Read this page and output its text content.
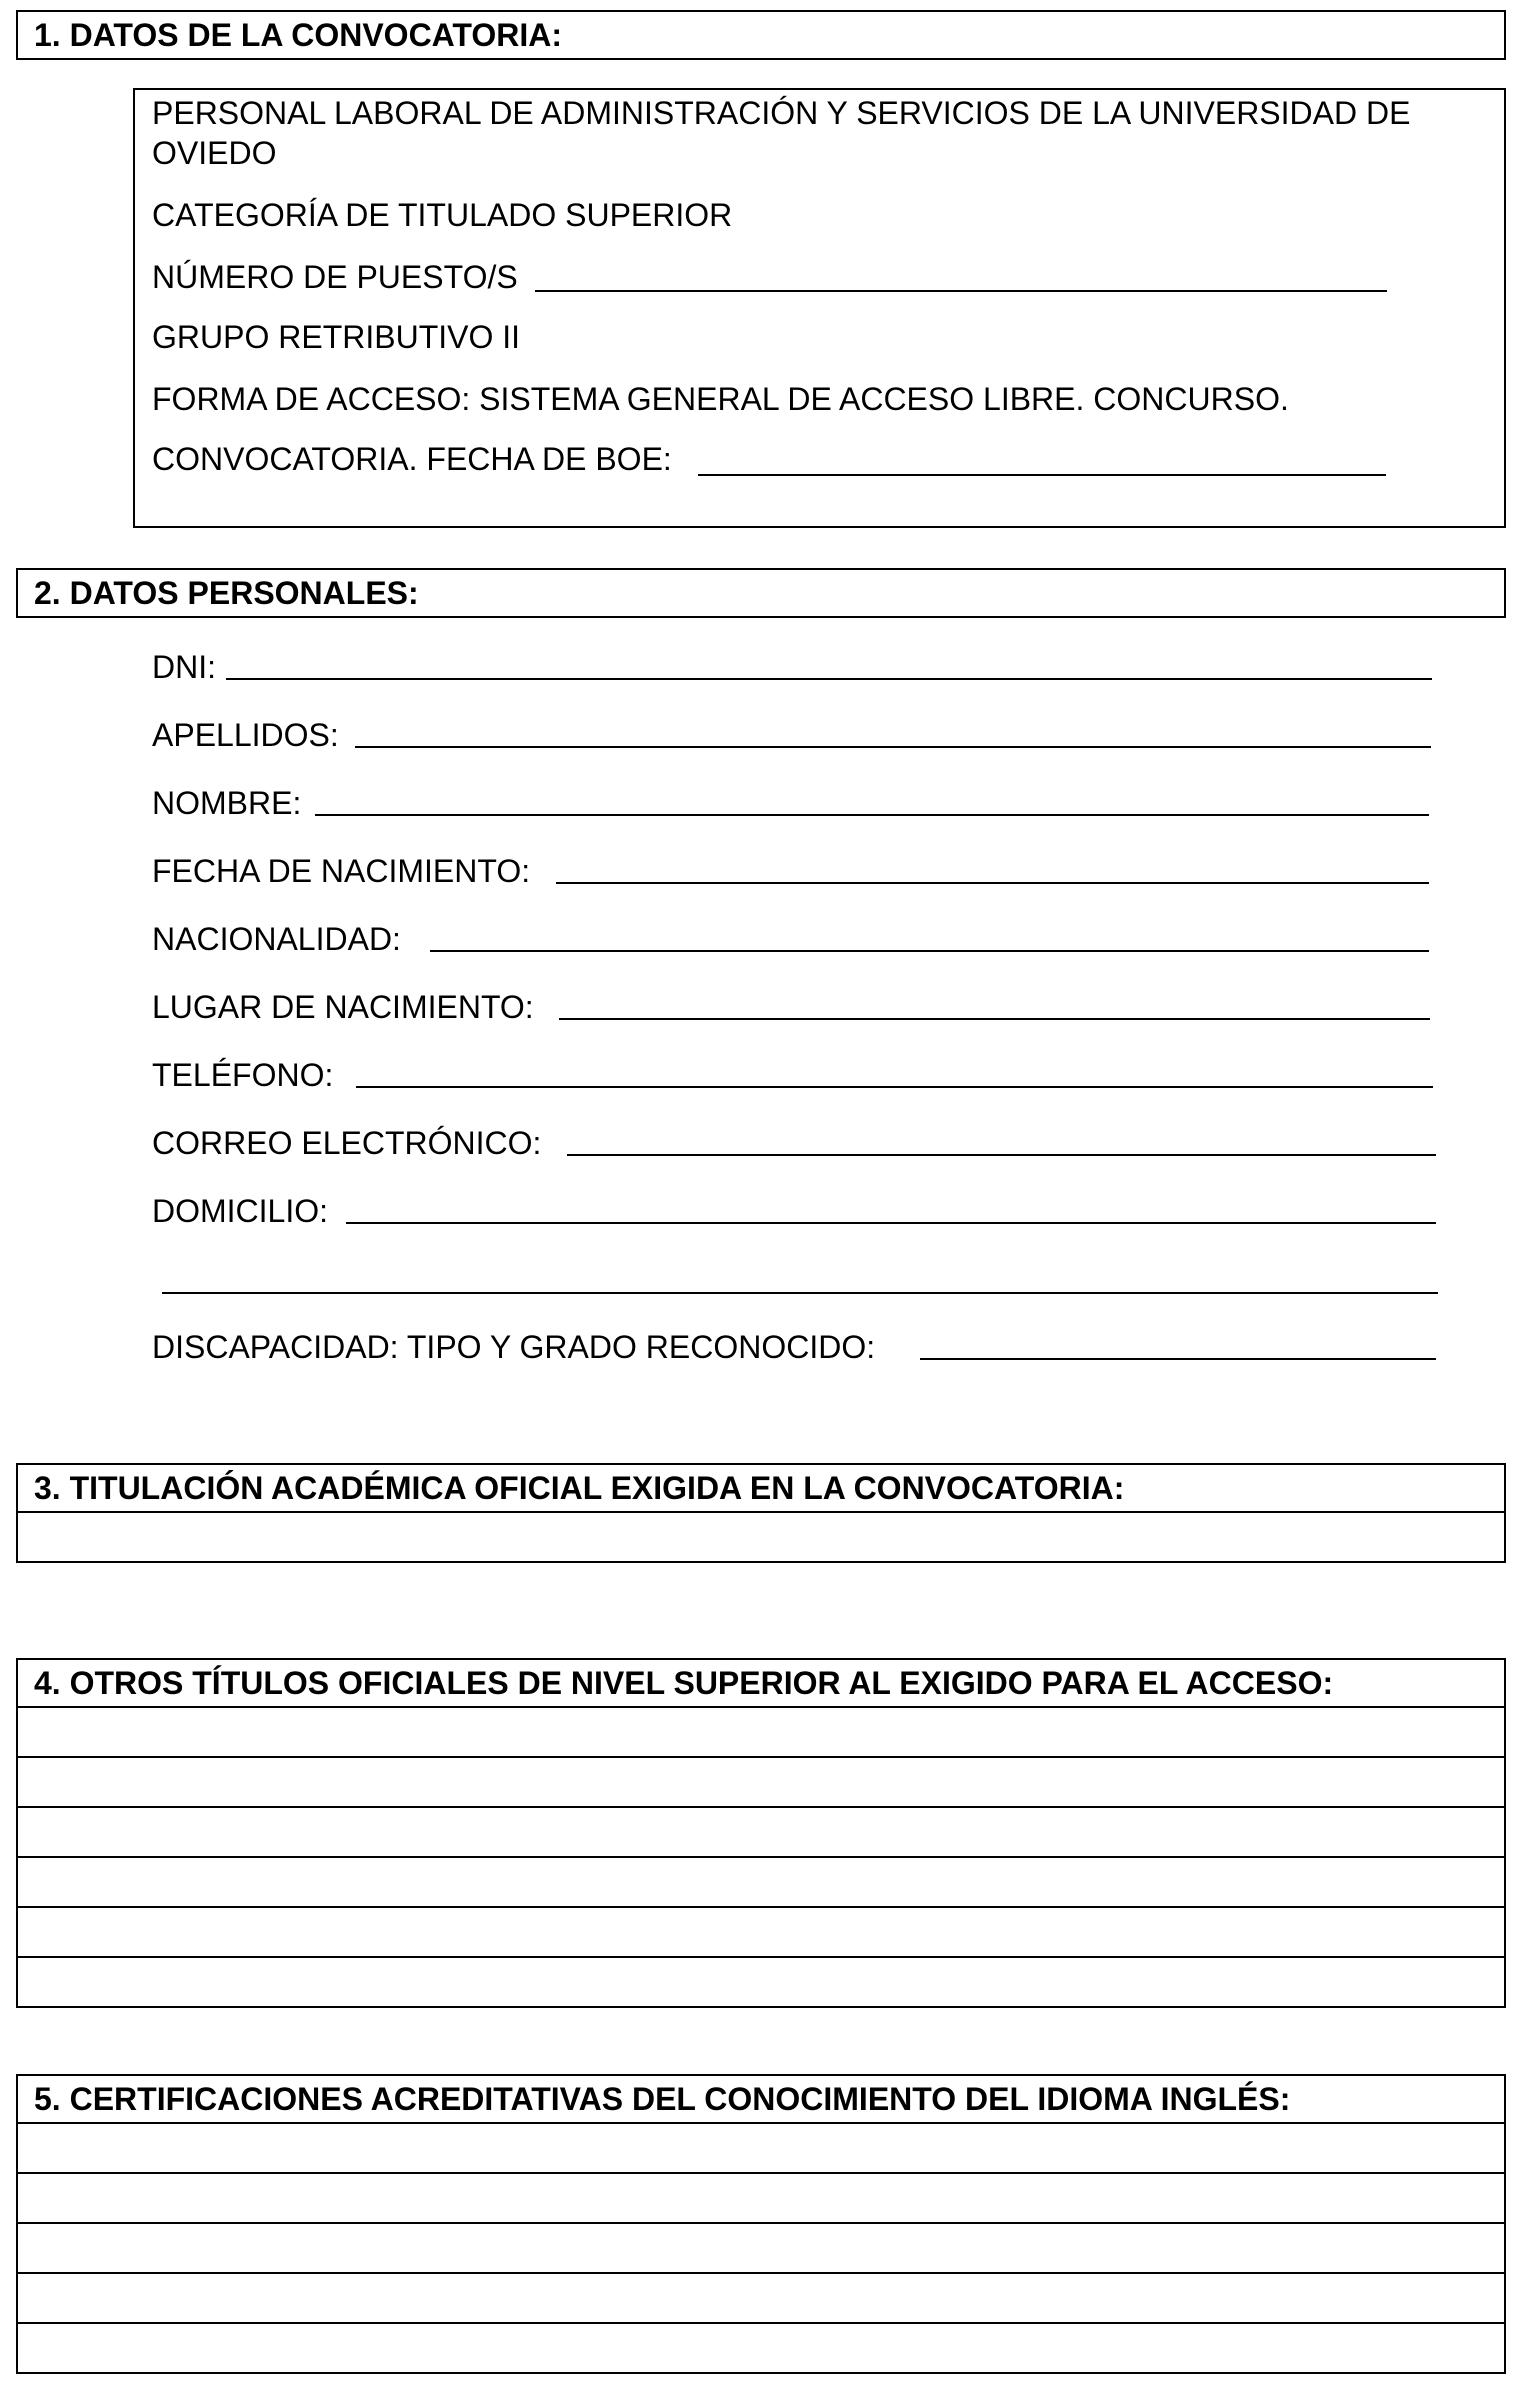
1. DATOS DE LA CONVOCATORIA:
PERSONAL LABORAL DE ADMINISTRACIÓN Y SERVICIOS DE LA UNIVERSIDAD DE
OVIEDO
CATEGORÍA DE TITULADO SUPERIOR
NÚMERO DE PUESTO/S
GRUPO RETRIBUTIVO II
FORMA DE ACCESO: SISTEMA GENERAL DE ACCESO LIBRE. CONCURSO.
CONVOCATORIA. FECHA DE BOE:
2. DATOS PERSONALES:
DNI:
APELLIDOS:
NOMBRE:
FECHA DE NACIMIENTO:
NACIONALIDAD:
LUGAR DE NACIMIENTO:
TELÉFONO:
CORREO ELECTRÓNICO:
DOMICILIO:
DISCAPACIDAD: TIPO Y GRADO RECONOCIDO:
3. TITULACIÓN ACADÉMICA OFICIAL EXIGIDA EN LA CONVOCATORIA:
4. OTROS TÍTULOS OFICIALES DE NIVEL SUPERIOR AL EXIGIDO PARA EL ACCESO:
5. CERTIFICACIONES ACREDITATIVAS DEL CONOCIMIENTO DEL IDIOMA INGLÉS:
